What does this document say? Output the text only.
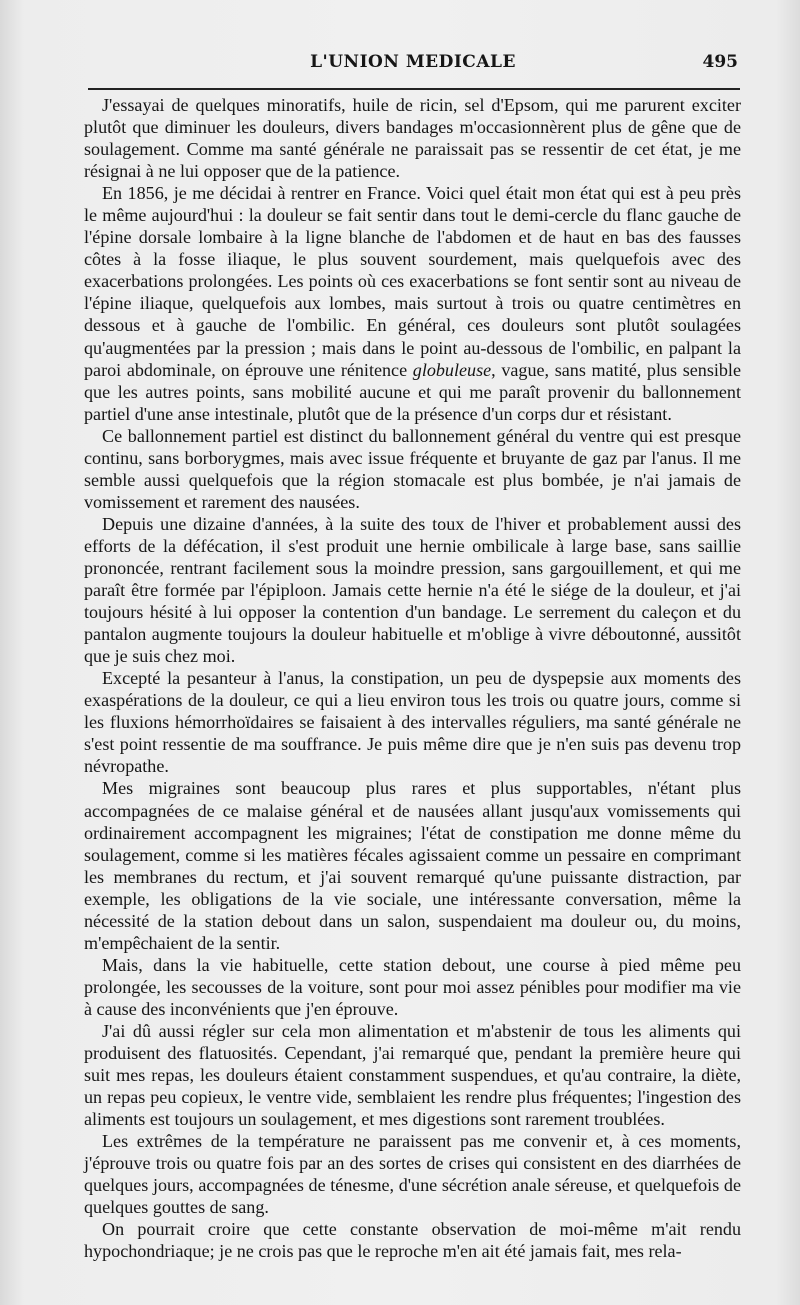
L'UNION MEDICALE	495

J'essayai de quelques minoratifs, huile de ricin, sel d'Epsom, qui me parurent exciter plutôt que diminuer les douleurs, divers bandages m'occasionnèrent plus de gêne que de soulagement. Comme ma santé générale ne paraissait pas se ressentir de cet état, je me résignai à ne lui opposer que de la patience.

En 1856, je me décidai à rentrer en France. Voici quel était mon état qui est à peu près le même aujourd'hui : la douleur se fait sentir dans tout le demi-cercle du flanc gauche de l'épine dorsale lombaire à la ligne blanche de l'abdomen et de haut en bas des fausses côtes à la fosse iliaque, le plus souvent sourdement, mais quelquefois avec des exacerbations prolongées. Les points où ces exacerbations se font sentir sont au niveau de l'épine iliaque, quelquefois aux lombes, mais surtout à trois ou quatre centimètres en dessous et à gauche de l'ombilic. En général, ces douleurs sont plutôt soulagées qu'augmentées par la pression ; mais dans le point au-dessous de l'ombilic, en palpant la paroi abdominale, on éprouve une rénitence globuleuse, vague, sans matité, plus sensible que les autres points, sans mobilité aucune et qui me paraît provenir du ballonnement partiel d'une anse intestinale, plutôt que de la présence d'un corps dur et résistant.

Ce ballonnement partiel est distinct du ballonnement général du ventre qui est presque continu, sans borborygmes, mais avec issue fréquente et bruyante de gaz par l'anus. Il me semble aussi quelquefois que la région stomacale est plus bombée, je n'ai jamais de vomissement et rarement des nausées.

Depuis une dizaine d'années, à la suite des toux de l'hiver et probablement aussi des efforts de la défécation, il s'est produit une hernie ombilicale à large base, sans saillie prononcée, rentrant facilement sous la moindre pression, sans gargouillement, et qui me paraît être formée par l'épiploon. Jamais cette hernie n'a été le siége de la douleur, et j'ai toujours hésité à lui opposer la contention d'un bandage. Le serrement du caleçon et du pantalon augmente toujours la douleur habituelle et m'oblige à vivre déboutonné, aussitôt que je suis chez moi.

Excepté la pesanteur à l'anus, la constipation, un peu de dyspepsie aux moments des exaspérations de la douleur, ce qui a lieu environ tous les trois ou quatre jours, comme si les fluxions hémorrhoïdaires se faisaient à des intervalles réguliers, ma santé générale ne s'est point ressentie de ma souffrance. Je puis même dire que je n'en suis pas devenu trop névropathe.

Mes migraines sont beaucoup plus rares et plus supportables, n'étant plus accompagnées de ce malaise général et de nausées allant jusqu'aux vomissements qui ordinairement accompagnent les migraines; l'état de constipation me donne même du soulagement, comme si les matières fécales agissaient comme un pessaire en comprimant les membranes du rectum, et j'ai souvent remarqué qu'une puissante distraction, par exemple, les obligations de la vie sociale, une intéressante conversation, même la nécessité de la station debout dans un salon, suspendaient ma douleur ou, du moins, m'empêchaient de la sentir.

Mais, dans la vie habituelle, cette station debout, une course à pied même peu prolongée, les secousses de la voiture, sont pour moi assez pénibles pour modifier ma vie à cause des inconvénients que j'en éprouve.

J'ai dû aussi régler sur cela mon alimentation et m'abstenir de tous les aliments qui produisent des flatuosités. Cependant, j'ai remarqué que, pendant la première heure qui suit mes repas, les douleurs étaient constamment suspendues, et qu'au contraire, la diète, un repas peu copieux, le ventre vide, semblaient les rendre plus fréquentes; l'ingestion des aliments est toujours un soulagement, et mes digestions sont rarement troublées.

Les extrêmes de la température ne paraissent pas me convenir et, à ces moments, j'éprouve trois ou quatre fois par an des sortes de crises qui consistent en des diarrhées de quelques jours, accompagnées de ténesme, d'une sécrétion anale séreuse, et quelquefois de quelques gouttes de sang.

On pourrait croire que cette constante observation de moi-même m'ait rendu hypochondriaque; je ne crois pas que le reproche m'en ait été jamais fait, mes rela-
